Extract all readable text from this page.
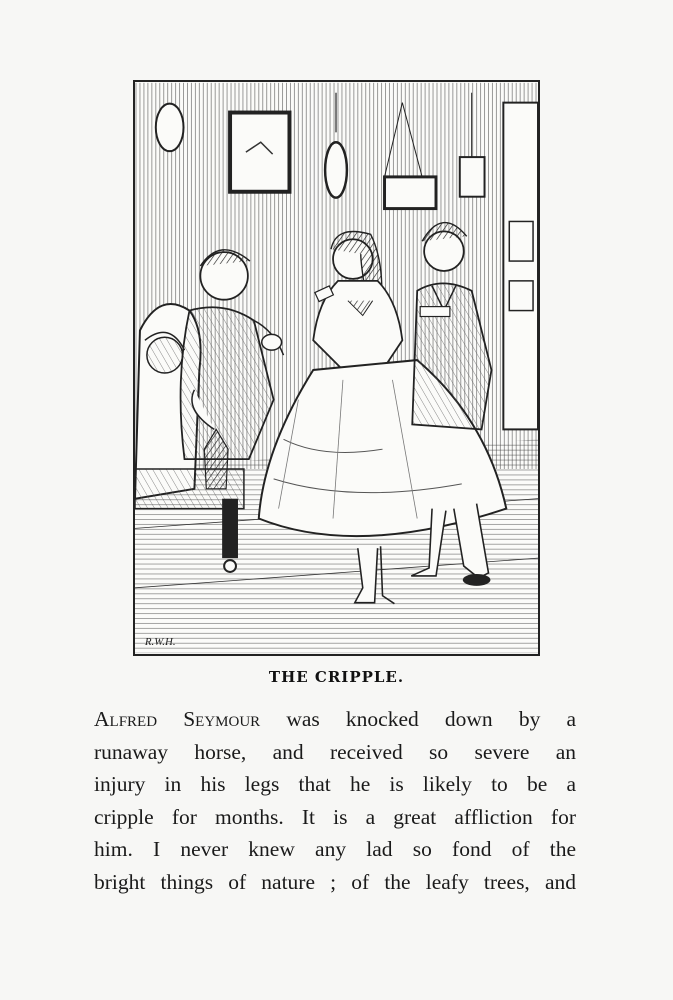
R.W.H.
THE CRIPPLE.
Alfred Seymour was knocked down by a
runaway horse, and received so severe an
injury in his legs that he is likely to be a
cripple for months. It is a great affliction for
him. I never knew any lad so fond of the
bright things of nature ; of the leafy trees, and
